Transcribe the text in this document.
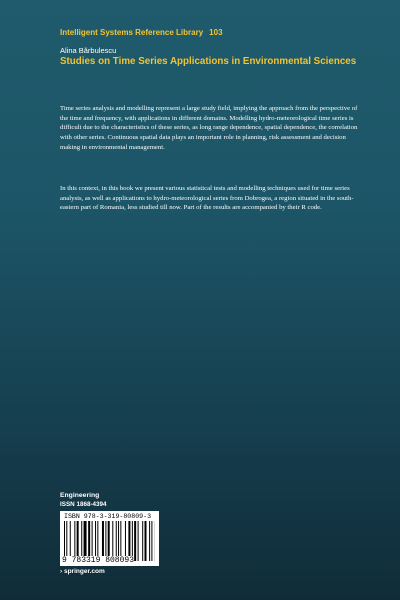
Intelligent Systems Reference Library 103
Alina Bărbulescu
Studies on Time Series Applications in Environmental Sciences

Time series analysis and modelling represent a large study field, implying the approach from the perspective of the time and frequency, with applications in different domains. Modelling hydro-meteorological time series is difficult due to the characteristics of these series, as long range dependence, spatial dependence, the correlation with other series. Continuous spatial data plays an important role in planning, risk assessment and decision making in environmental management.

In this context, in this book we present various statistical tests and modelling techniques used for time series analysis, as well as applications to hydro-meteorological series from Dobrogea, a region situated in the south-eastern part of Romania, less studied till now. Part of the results are accompanied by their R code.

Engineering
ISSN 1868-4394
ISBN 978-3-319-80809-3
9 783319 808093
› springer.com
